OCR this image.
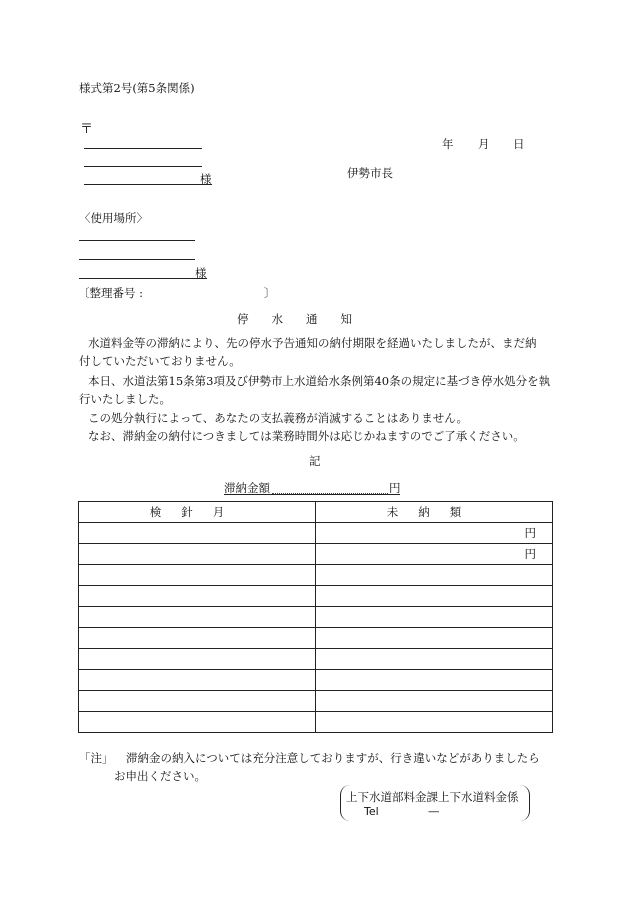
様式第2号(第5条関係)
〒
様
年 月 日
伊勢市長
〈使用場所〉
様
〔整理番号 :	〕
停　　水　　通　　知
水道料金等の滞納により、先の停水予告通知の納付期限を経過いたしましたが、まだ納
付していただいておりません。
本日、水道法第15条第3項及び伊勢市上水道給水条例第40条の規定に基づき停水処分を執
行いたしました。
この処分執行によって、あなたの支払義務が消滅することはありません。
なお、滞納金の納付につきましては業務時間外は応じかねますのでご了承ください。
記
滞納金額	円
検針月	未納類
	円
	円

「注」 滞納金の納入については充分注意しておりますが、行き違いなどがありましたら
お申出ください。
上下水道部料金課上下水道料金係
Tel	—
